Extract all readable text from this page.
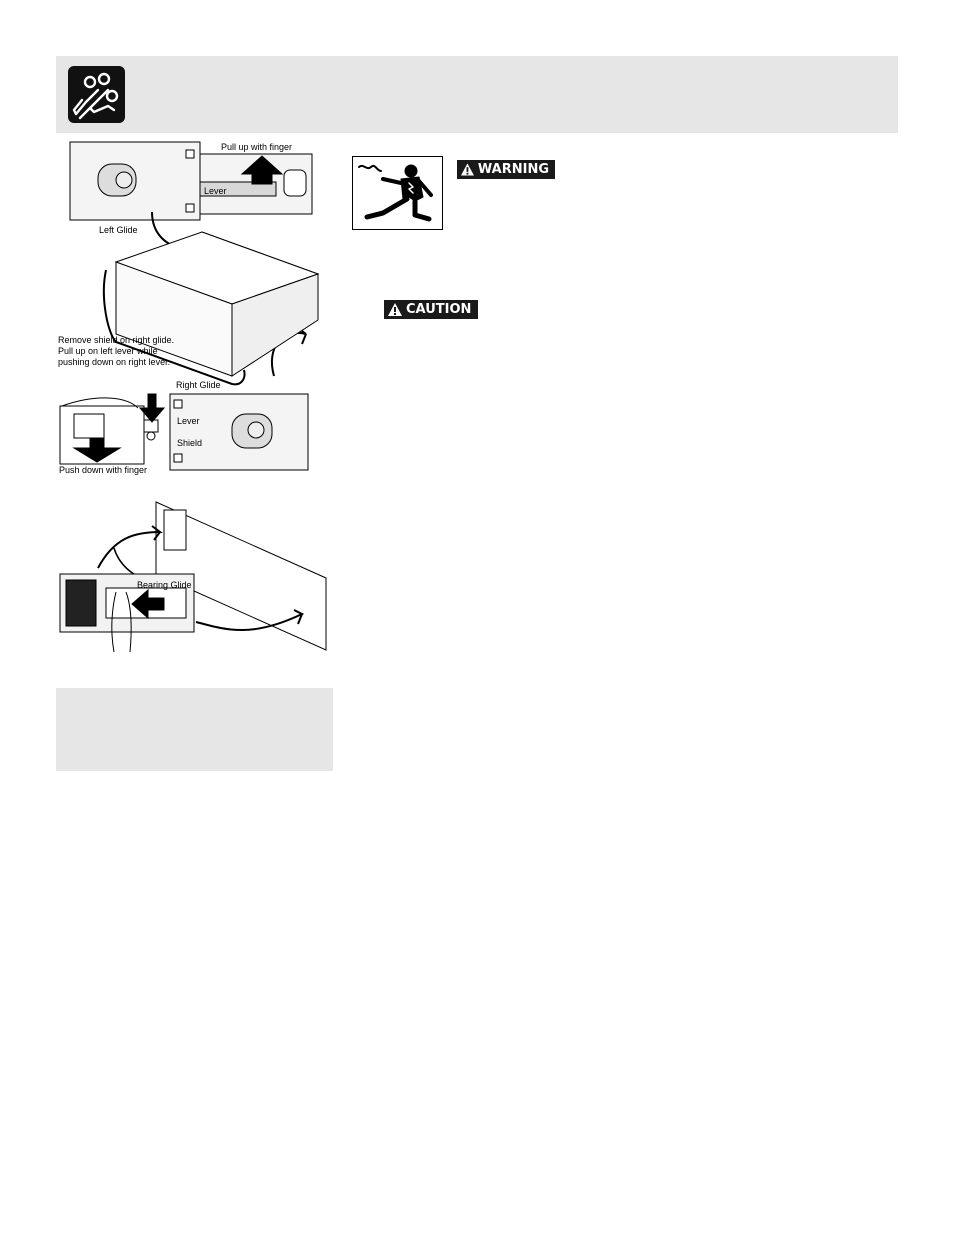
Pull up with finger
Lever
Left Glide
Remove shield on right glide. Pull up on left lever while pushing down on right lever.
Right Glide
Lever
Shield
Push down with finger
Bearing Glide
WARNING
CAUTION
